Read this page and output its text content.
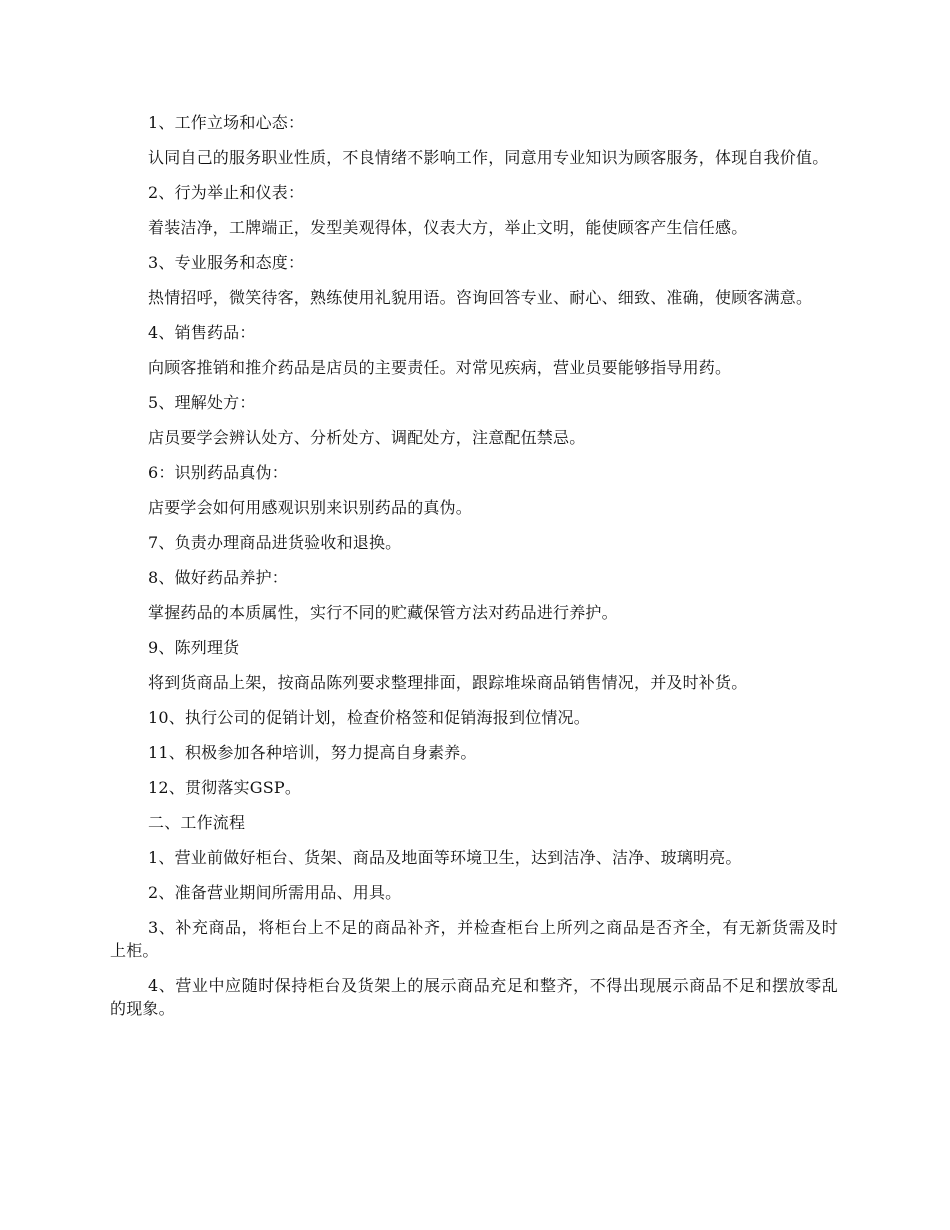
1、工作立场和心态：

认同自己的服务职业性质，不良情绪不影响工作，同意用专业知识为顾客服务，体现自我价值。

2、行为举止和仪表：

着装洁净，工牌端正，发型美观得体，仪表大方，举止文明，能使顾客产生信任感。

3、专业服务和态度：

热情招呼，微笑待客，熟练使用礼貌用语。咨询回答专业、耐心、细致、准确，使顾客满意。

4、销售药品：

向顾客推销和推介药品是店员的主要责任。对常见疾病，营业员要能够指导用药。

5、理解处方：

店员要学会辨认处方、分析处方、调配处方，注意配伍禁忌。

6：识别药品真伪：

店要学会如何用感观识别来识别药品的真伪。

7、负责办理商品进货验收和退换。

8、做好药品养护：

掌握药品的本质属性，实行不同的贮藏保管方法对药品进行养护。

9、陈列理货

将到货商品上架，按商品陈列要求整理排面，跟踪堆垛商品销售情况，并及时补货。

10、执行公司的促销计划，检查价格签和促销海报到位情况。

11、积极参加各种培训，努力提高自身素养。

12、贯彻落实GSP。

二、工作流程

1、营业前做好柜台、货架、商品及地面等环境卫生，达到洁净、洁净、玻璃明亮。

2、准备营业期间所需用品、用具。

3、补充商品，将柜台上不足的商品补齐，并检查柜台上所列之商品是否齐全，有无新货需及时上柜。

4、营业中应随时保持柜台及货架上的展示商品充足和整齐，不得出现展示商品不足和摆放零乱的现象。
